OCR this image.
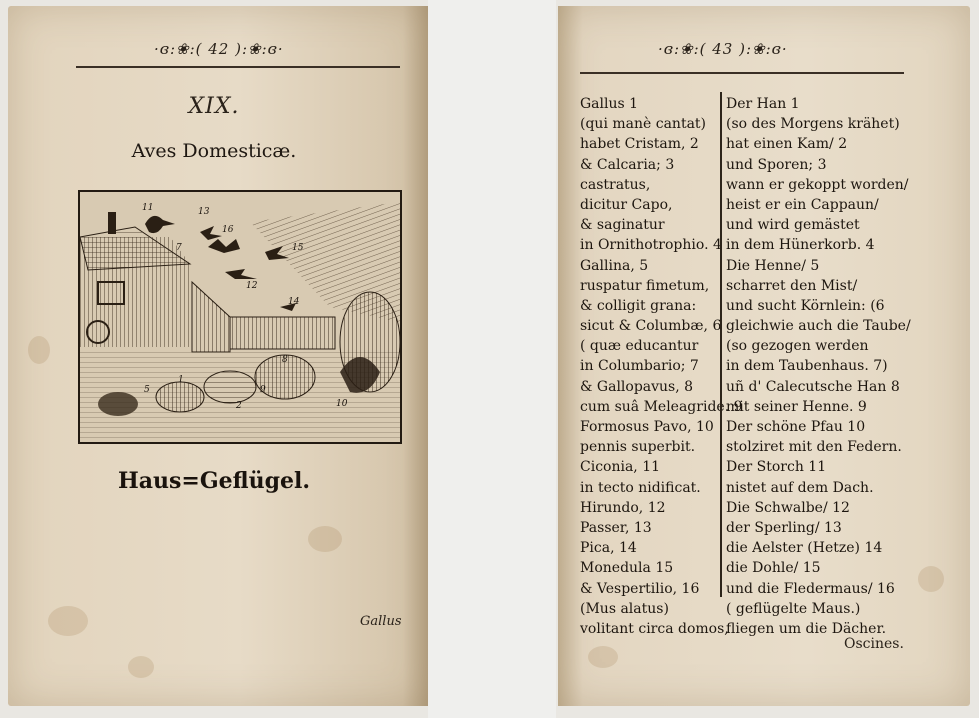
·ɞ:❀:( 42 ):❀:ɞ·
XIX.
Aves Domesticæ.
11	13
16
7	15
12
14
5
1
2
8
9
10
Haus=Geflügel.
Gallus
·ɞ:❀:( 43 ):❀:ɞ·
Gallus 1
(qui manè cantat)
habet Cristam, 2
& Calcaria; 3
castratus,
dicitur Capo,
& saginatur
in Ornithotrophio. 4
Gallina, 5
ruspatur fimetum,
& colligit grana:
sicut & Columbæ, 6
( quæ educantur
in Columbario; 7
& Gallopavus, 8
cum suâ Meleagride. 9
Formosus Pavo, 10
pennis superbit.
Ciconia, 11
in tecto nidificat.
Hirundo, 12
Passer, 13
Pica, 14
Monedula 15
& Vespertilio, 16
(Mus alatus)
volitant circa domos,
Der Han 1
(so des Morgens krähet)
hat einen Kam/ 2
und Sporen; 3
wann er gekoppt worden/
heist er ein Cappaun/
und wird gemästet
in dem Hünerkorb. 4
Die Henne/ 5
scharret den Mist/
und sucht Körnlein: (6
gleichwie auch die Taube/
(so gezogen werden
in dem Taubenhaus. 7)
uñ d' Calecutsche Han 8
mit seiner Henne. 9
Der schöne Pfau 10
stolziret mit den Federn.
Der Storch 11
nistet auf dem Dach.
Die Schwalbe/ 12
der Sperling/ 13
die Aelster (Hetze) 14
die Dohle/ 15
und die Fledermaus/ 16
( geflügelte Maus.)
fliegen um die Dächer.
Oscines.
